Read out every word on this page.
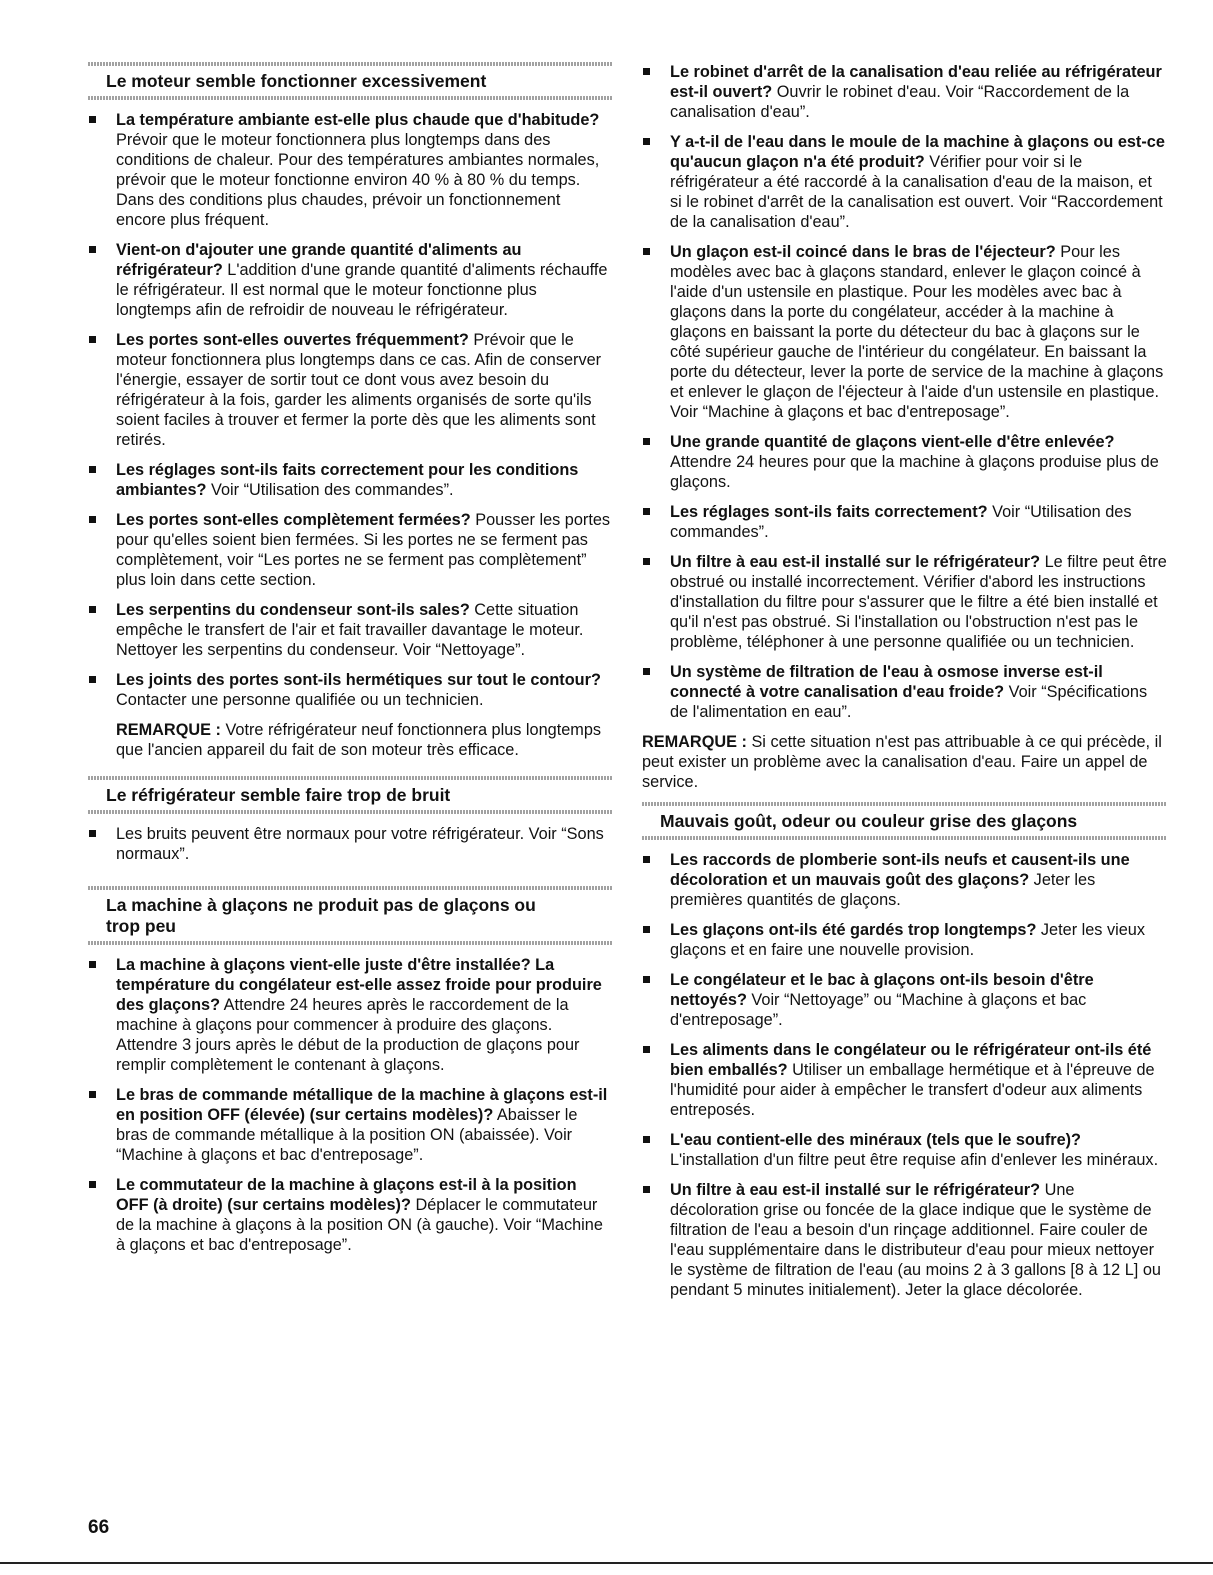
Le moteur semble fonctionner excessivement
La température ambiante est-elle plus chaude que d'habitude? Prévoir que le moteur fonctionnera plus longtemps dans des conditions de chaleur. Pour des températures ambiantes normales, prévoir que le moteur fonctionne environ 40 % à 80 % du temps. Dans des conditions plus chaudes, prévoir un fonctionnement encore plus fréquent.
Vient-on d'ajouter une grande quantité d'aliments au réfrigérateur? L'addition d'une grande quantité d'aliments réchauffe le réfrigérateur. Il est normal que le moteur fonctionne plus longtemps afin de refroidir de nouveau le réfrigérateur.
Les portes sont-elles ouvertes fréquemment? Prévoir que le moteur fonctionnera plus longtemps dans ce cas. Afin de conserver l'énergie, essayer de sortir tout ce dont vous avez besoin du réfrigérateur à la fois, garder les aliments organisés de sorte qu'ils soient faciles à trouver et fermer la porte dès que les aliments sont retirés.
Les réglages sont-ils faits correctement pour les conditions ambiantes? Voir “Utilisation des commandes”.
Les portes sont-elles complètement fermées? Pousser les portes pour qu'elles soient bien fermées. Si les portes ne se ferment pas complètement, voir “Les portes ne se ferment pas complètement” plus loin dans cette section.
Les serpentins du condenseur sont-ils sales? Cette situation empêche le transfert de l'air et fait travailler davantage le moteur. Nettoyer les serpentins du condenseur. Voir “Nettoyage”.
Les joints des portes sont-ils hermétiques sur tout le contour? Contacter une personne qualifiée ou un technicien.
REMARQUE : Votre réfrigérateur neuf fonctionnera plus longtemps que l'ancien appareil du fait de son moteur très efficace.
Le réfrigérateur semble faire trop de bruit
Les bruits peuvent être normaux pour votre réfrigérateur. Voir “Sons normaux”.
La machine à glaçons ne produit pas de glaçons ou trop peu
La machine à glaçons vient-elle juste d'être installée? La température du congélateur est-elle assez froide pour produire des glaçons? Attendre 24 heures après le raccordement de la machine à glaçons pour commencer à produire des glaçons. Attendre 3 jours après le début de la production de glaçons pour remplir complètement le contenant à glaçons.
Le bras de commande métallique de la machine à glaçons est-il en position OFF (élevée) (sur certains modèles)? Abaisser le bras de commande métallique à la position ON (abaissée). Voir “Machine à glaçons et bac d'entreposage”.
Le commutateur de la machine à glaçons est-il à la position OFF (à droite) (sur certains modèles)? Déplacer le commutateur de la machine à glaçons à la position ON (à gauche). Voir “Machine à glaçons et bac d'entreposage”.
Le robinet d'arrêt de la canalisation d'eau reliée au réfrigérateur est-il ouvert? Ouvrir le robinet d'eau. Voir “Raccordement de la canalisation d'eau”.
Y a-t-il de l'eau dans le moule de la machine à glaçons ou est-ce qu'aucun glaçon n'a été produit? Vérifier pour voir si le réfrigérateur a été raccordé à la canalisation d'eau de la maison, et si le robinet d'arrêt de la canalisation est ouvert. Voir “Raccordement de la canalisation d'eau”.
Un glaçon est-il coincé dans le bras de l'éjecteur? Pour les modèles avec bac à glaçons standard, enlever le glaçon coincé à l'aide d'un ustensile en plastique. Pour les modèles avec bac à glaçons dans la porte du congélateur, accéder à la machine à glaçons en baissant la porte du détecteur du bac à glaçons sur le côté supérieur gauche de l'intérieur du congélateur. En baissant la porte du détecteur, lever la porte de service de la machine à glaçons et enlever le glaçon de l'éjecteur à l'aide d'un ustensile en plastique. Voir “Machine à glaçons et bac d'entreposage”.
Une grande quantité de glaçons vient-elle d'être enlevée? Attendre 24 heures pour que la machine à glaçons produise plus de glaçons.
Les réglages sont-ils faits correctement? Voir “Utilisation des commandes”.
Un filtre à eau est-il installé sur le réfrigérateur? Le filtre peut être obstrué ou installé incorrectement. Vérifier d'abord les instructions d'installation du filtre pour s'assurer que le filtre a été bien installé et qu'il n'est pas obstrué. Si l'installation ou l'obstruction n'est pas le problème, téléphoner à une personne qualifiée ou un technicien.
Un système de filtration de l'eau à osmose inverse est-il connecté à votre canalisation d'eau froide? Voir “Spécifications de l'alimentation en eau”.
REMARQUE : Si cette situation n'est pas attribuable à ce qui précède, il peut exister un problème avec la canalisation d'eau. Faire un appel de service.
Mauvais goût, odeur ou couleur grise des glaçons
Les raccords de plomberie sont-ils neufs et causent-ils une décoloration et un mauvais goût des glaçons? Jeter les premières quantités de glaçons.
Les glaçons ont-ils été gardés trop longtemps? Jeter les vieux glaçons et en faire une nouvelle provision.
Le congélateur et le bac à glaçons ont-ils besoin d'être nettoyés? Voir “Nettoyage” ou “Machine à glaçons et bac d'entreposage”.
Les aliments dans le congélateur ou le réfrigérateur ont-ils été bien emballés? Utiliser un emballage hermétique et à l'épreuve de l'humidité pour aider à empêcher le transfert d'odeur aux aliments entreposés.
L'eau contient-elle des minéraux (tels que le soufre)? L'installation d'un filtre peut être requise afin d'enlever les minéraux.
Un filtre à eau est-il installé sur le réfrigérateur? Une décoloration grise ou foncée de la glace indique que le système de filtration de l'eau a besoin d'un rinçage additionnel. Faire couler de l'eau supplémentaire dans le distributeur d'eau pour mieux nettoyer le système de filtration de l'eau (au moins 2 à 3 gallons [8 à 12 L] ou pendant 5 minutes initialement). Jeter la glace décolorée.
66
